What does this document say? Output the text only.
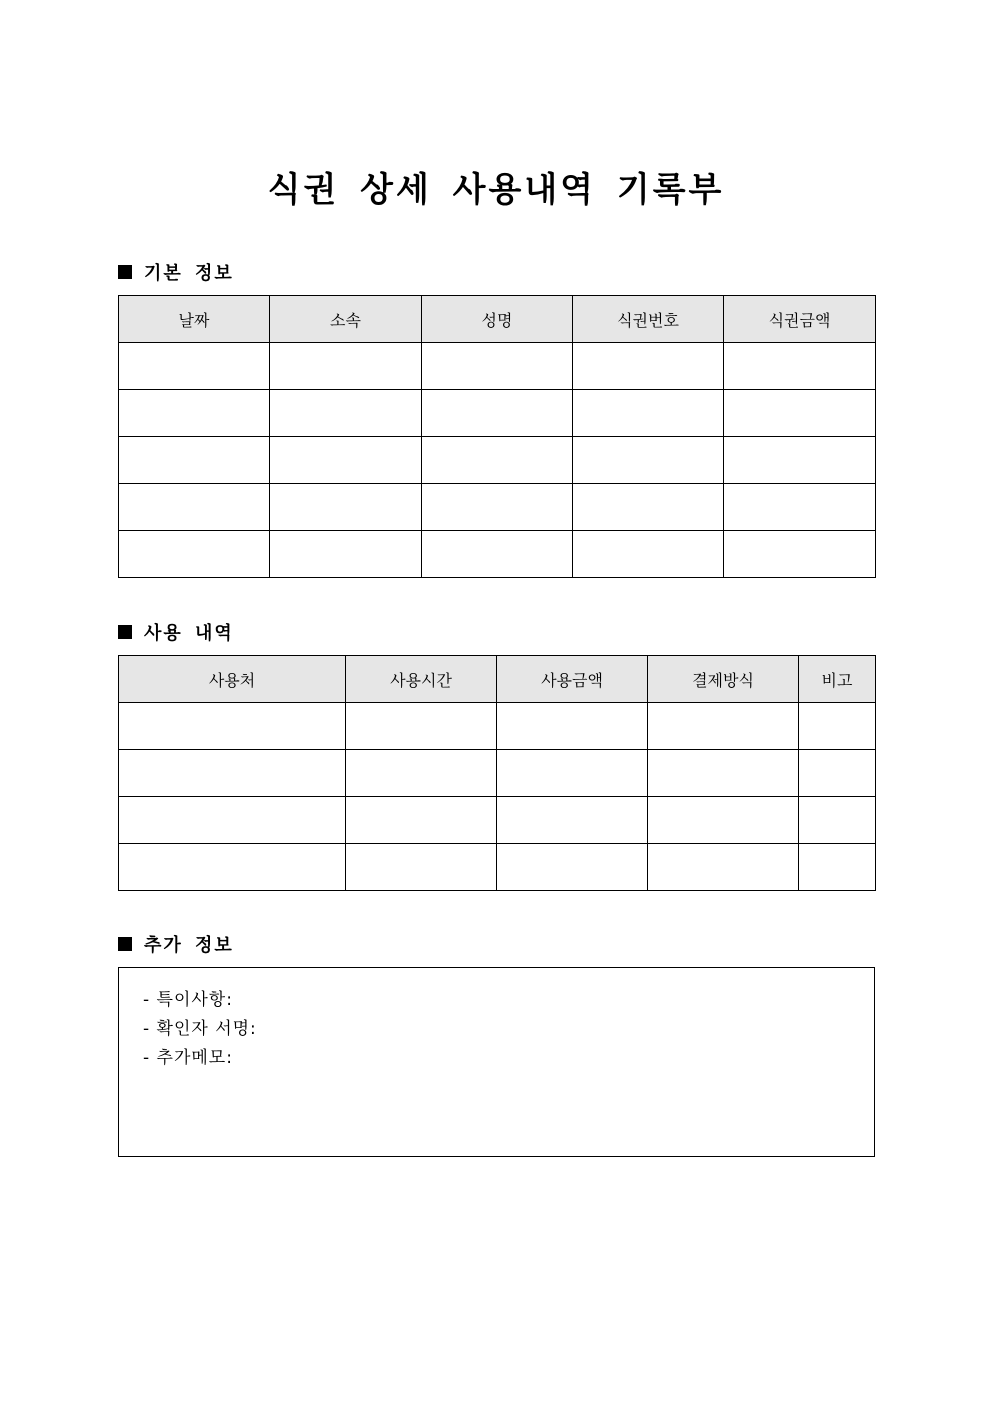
식권 상세 사용내역 기록부
기본 정보
날짜	소속	성명	식권번호	식권금액

사용 내역
사용처	사용시간	사용금액	결제방식	비고

추가 정보
- 특이사항:
- 확인자 서명:
- 추가메모:
